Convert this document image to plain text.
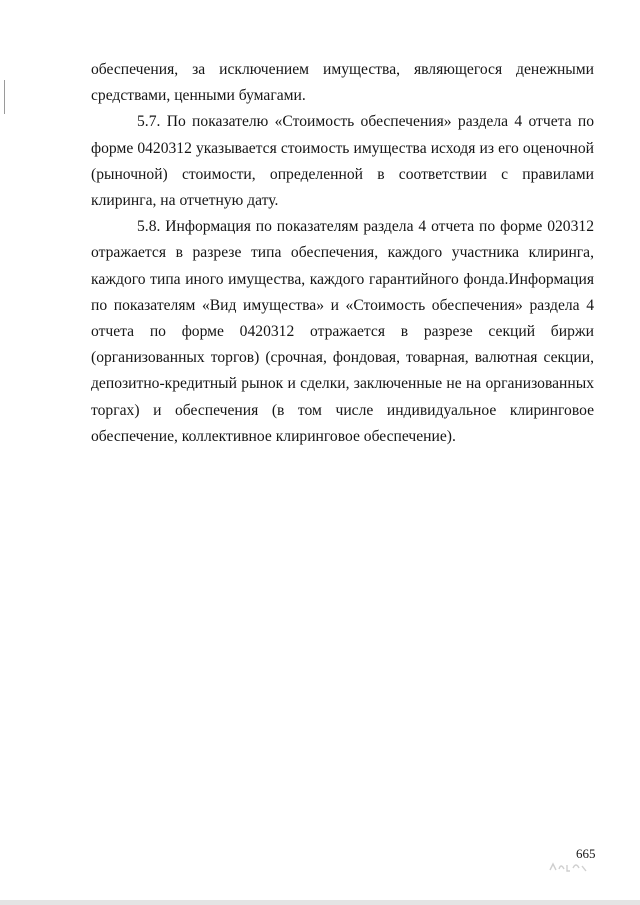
обеспечения, за исключением имущества, являющегося денежными средствами, ценными бумагами.

5.7. По показателю «Стоимость обеспечения» раздела 4 отчета по форме 0420312 указывается стоимость имущества исходя из его оценочной (рыночной) стоимости, определенной в соответствии с правилами клиринга, на отчетную дату.

5.8. Информация по показателям раздела 4 отчета по форме 020312 отражается в разрезе типа обеспечения, каждого участника клиринга, каждого типа иного имущества, каждого гарантийного фонда.Информация по показателям «Вид имущества» и «Стоимость обеспечения» раздела 4 отчета по форме 0420312 отражается в разрезе секций биржи (организованных торгов) (срочная, фондовая, товарная, валютная секции, депозитно-кредитный рынок и сделки, заключенные не на организованных торгах) и обеспечения (в том числе индивидуальное клиринговое обеспечение, коллективное клиринговое обеспечение).

665
